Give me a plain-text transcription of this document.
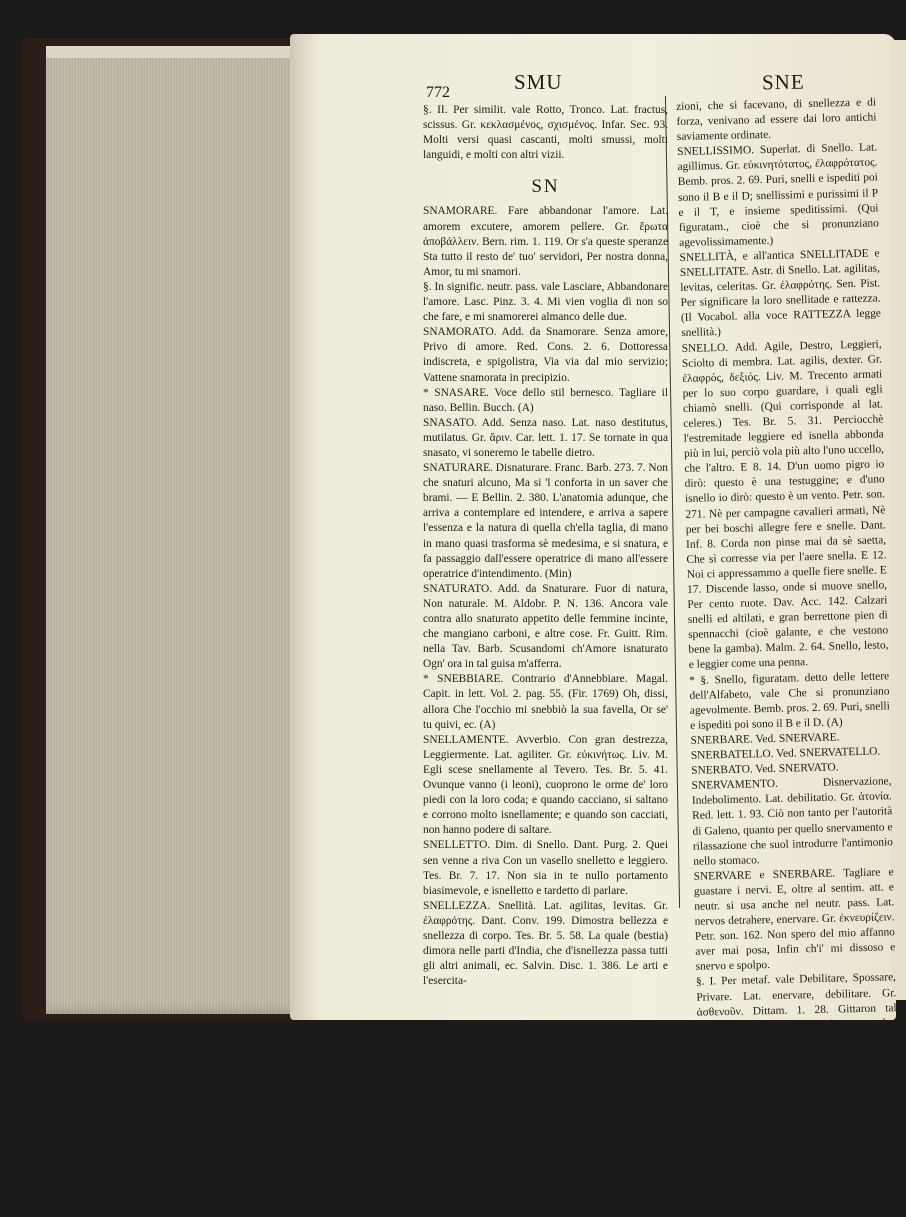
772	SMU	SNE

§. II. Per similit. vale Rotto, Tronco. Lat. fractus, scissus. Gr. κεκλασμένος, σχισμένος. Infar. Sec. 93. Molti versi quasi cascanti, molti smussi, molti languidi, e molti con altri vizii.

SN

SNAMORARE. Fare abbandonar l'amore. Lat. amorem excutere, amorem pellere. Gr. ἔρωτα ἀποβάλλειν. Bern. rim. 1. 119. Or s'a queste speranze Sta tutto il resto de' tuo' servidori, Per nostra donna, Amor, tu mi snamori.

§. In signific. neutr. pass. vale Lasciare, Abbandonare l'amore. Lasc. Pinz. 3. 4. Mi vien voglia di non so che fare, e mi snamorerei almanco delle due.

SNAMORATO. Add. da Snamorare. Senza amore, Privo di amore. Red. Cons. 2. 6. Dottoressa indiscreta, e spigolistra, Via via dal mio servizio; Vattene snamorata in precipizio.

* SNASARE. Voce dello stil bernesco. Tagliare il naso. Bellin. Bucch. (A)

SNASATO. Add. Senza naso. Lat. naso destitutus, mutilatus. Gr. ἄριν. Car. lett. 1. 17. Se tornate in qua snasato, vi soneremo le tabelle dietro.

SNATURARE. Disnaturare. Franc. Barb. 273. 7. Non che snaturi alcuno, Ma si 'l conforta in un saver che brami. — E Bellin. 2. 380. L'anatomia adunque, che arriva a contemplare ed intendere, e arriva a sapere l'essenza e la natura di quella ch'ella taglia, di mano in mano quasi trasforma sè medesima, e si snatura, e fa passaggio dall'essere operatrice di mano all'essere operatrice d'intendimento. (Min)

SNATURATO. Add. da Snaturare. Fuor di natura, Non naturale. M. Aldobr. P. N. 136. Ancora vale contra allo snaturato appetito delle femmine incinte, che mangiano carboni, e altre cose. Fr. Guitt. Rim. nella Tav. Barb. Scusandomi ch'Amore isnaturato Ogn' ora in tal guisa m'afferra.

* SNEBBIARE. Contrario d'Annebbiare. Magal. Capit. in lett. Vol. 2. pag. 55. (Fir. 1769) Oh, dissi, allora Che l'occhio mi snebbiò la sua favella, Or se' tu quivi, ec. (A)

SNELLAMENTE. Avverbio. Con gran destrezza, Leggiermente. Lat. agiliter. Gr. εὐκινήτως. Liv. M. Egli scese snellamente al Tevero. Tes. Br. 5. 41. Ovunque vanno (i leoni), cuoprono le orme de' loro piedi con la loro coda; e quando cacciano, si saltano e corrono molto isnellamente; e quando son cacciati, non hanno podere di saltare.

SNELLETTO. Dim. di Snello. Dant. Purg. 2. Quei sen venne a riva Con un vasello snelletto e leggiero. Tes. Br. 7. 17. Non sia in te nullo portamento biasimevole, e isnelletto e tardetto di parlare.

SNELLEZZA. Snellità. Lat. agilitas, levitas. Gr. ἐλαφρότης. Dant. Conv. 199. Dimostra bellezza e snellezza di corpo. Tes. Br. 5. 58. La quale (bestia) dimora nelle parti d'India, che d'isnellezza passa tutti gli altri animali, ec. Salvin. Disc. 1. 386. Le arti e l'esercita-

zioni, che si facevano, di snellezza e di forza, venivano ad essere dai loro antichi saviamente ordinate.

SNELLISSIMO. Superlat. di Snello. Lat. agillimus. Gr. εὐκινητότατος, ἐλαφρότατος. Bemb. pros. 2. 69. Puri, snelli e ispediti poi sono il B e il D; snellissimi e purissimi il P e il T, e insieme speditissimi. (Qui figuratam., cioè che si pronunziano agevolissimamente.)

SNELLITÀ, e all'antica SNELLITADE e SNELLITATE. Astr. di Snello. Lat. agilitas, levitas, celeritas. Gr. ἐλαφρότης. Sen. Pist. Per significare la loro snellitade e rattezza. (Il Vocabol. alla voce RATTEZZA legge snellità.)

SNELLO. Add. Agile, Destro, Leggieri, Sciolto di membra. Lat. agilis, dexter. Gr. ἐλαφρός, δεξιός. Liv. M. Trecento armati per lo suo corpo guardare, i quali egli chiamò snelli. (Qui corrisponde al lat. celeres.) Tes. Br. 5. 31. Perciocchè l'estremitade leggiere ed isnella abbonda più in lui, perciò vola più alto l'uno uccello, che l'altro. E 8. 14. D'un uomo pigro io dirò: questo è una testuggine; e d'uno isnello io dirò: questo è un vento. Petr. son. 271. Nè per campagne cavalieri armati, Nè per bei boschi allegre fere e snelle. Dant. Inf. 8. Corda non pinse mai da sè saetta, Che sì corresse via per l'aere snella. E 12. Noi ci appressammo a quelle fiere snelle. E 17. Discende lasso, onde si muove snello, Per cento ruote. Dav. Acc. 142. Calzari snelli ed altilati, e gran berrettone pien di spennacchi (cioè galante, e che vestono bene la gamba). Malm. 2. 64. Snello, lesto, e leggier come una penna.

* §. Snello, figuratam. detto delle lettere dell'Alfabeto, vale Che si pronunziano agevolmente. Bemb. pros. 2. 69. Puri, snelli e ispediti poi sono il B e il D. (A)

SNERBARE. Ved. SNERVARE.

SNERBATELLO. Ved. SNERVATELLO.

SNERBATO. Ved. SNERVATO.

SNERVAMENTO. Disnervazione, Indebolimento. Lat. debilitatio. Gr. ἀτονία. Red. lett. 1. 93. Ciò non tanto per l'autorità di Galeno, quanto per quello snervamento e rilassazione che suol introdurre l'antimonio nello stomaco.

SNERVARE e SNERBARE. Tagliare e guastare i nervi. E, oltre al sentim. att. e neutr. si usa anche nel neutr. pass. Lat. nervos detrahere, enervare. Gr. ἐκνευρίζειν. Petr. son. 162. Non spero del mio affanno aver mai posa, Infin ch'i' mi dissoso e snervo e spolpo.

§. I. Per metaf. vale Debilitare, Spossare, Privare. Lat. enervare, debilitare. Gr. ἀσθενοῦν. Dittam. 1. 28. Gittaron tal morso, Che dell sei il tre di vita snerbo. Dant. rim. pag. 99. (Zane 1731) E d'indi si dipigne la fantasia, la qual mi spolpa e snerba. Fiorenz. cosa onesta esser acerba. Bemb. Asol. 1. 55. Questo pianto avrebbe per sè solo in tanto isnervati e infieboliti i legamenti della mia vita ec., che io mi sarei morto. Dep. Decam. 114. Come si dice snervare e spolpare ec., per lasciar via, e privar di forza. Car. lett. 2. 55. Altri dicono ch'io la guasto, e che la snervo, i quali done la veemenza delle riprensioni, e l'acerbità delle burle.
